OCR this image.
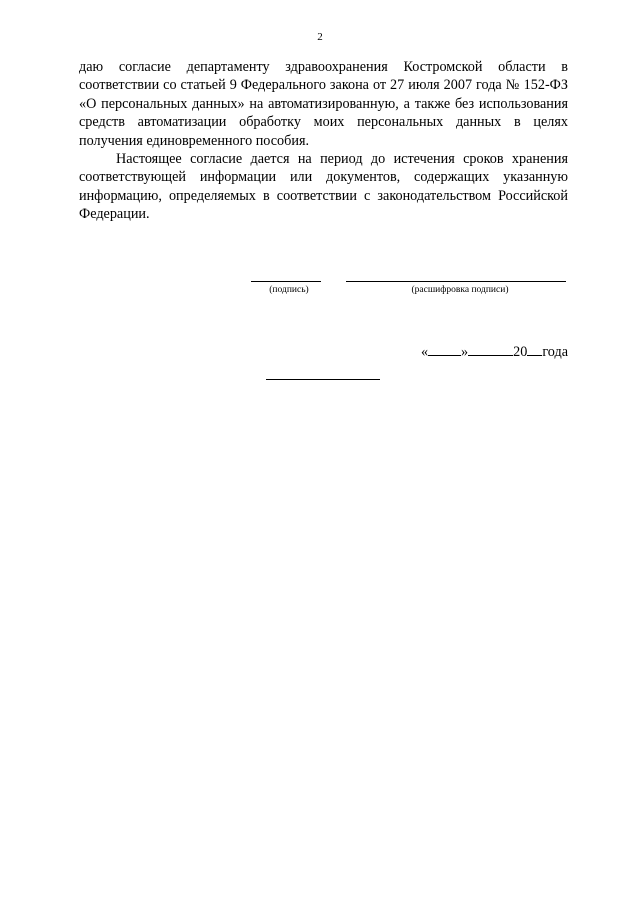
2

даю согласие департаменту здравоохранения Костромской области в соответствии со статьей 9 Федерального закона от 27 июля 2007 года № 152-ФЗ «О персональных данных» на автоматизированную, а также без использования средств автоматизации обработку моих персональных данных в целях получения единовременного пособия.

Настоящее согласие дается на период до истечения сроков хранения соответствующей информации или документов, содержащих указанную информацию, определяемых в соответствии с законодательством Российской Федерации.

(подпись)	(расшифровка подписи)
« »	20 года
